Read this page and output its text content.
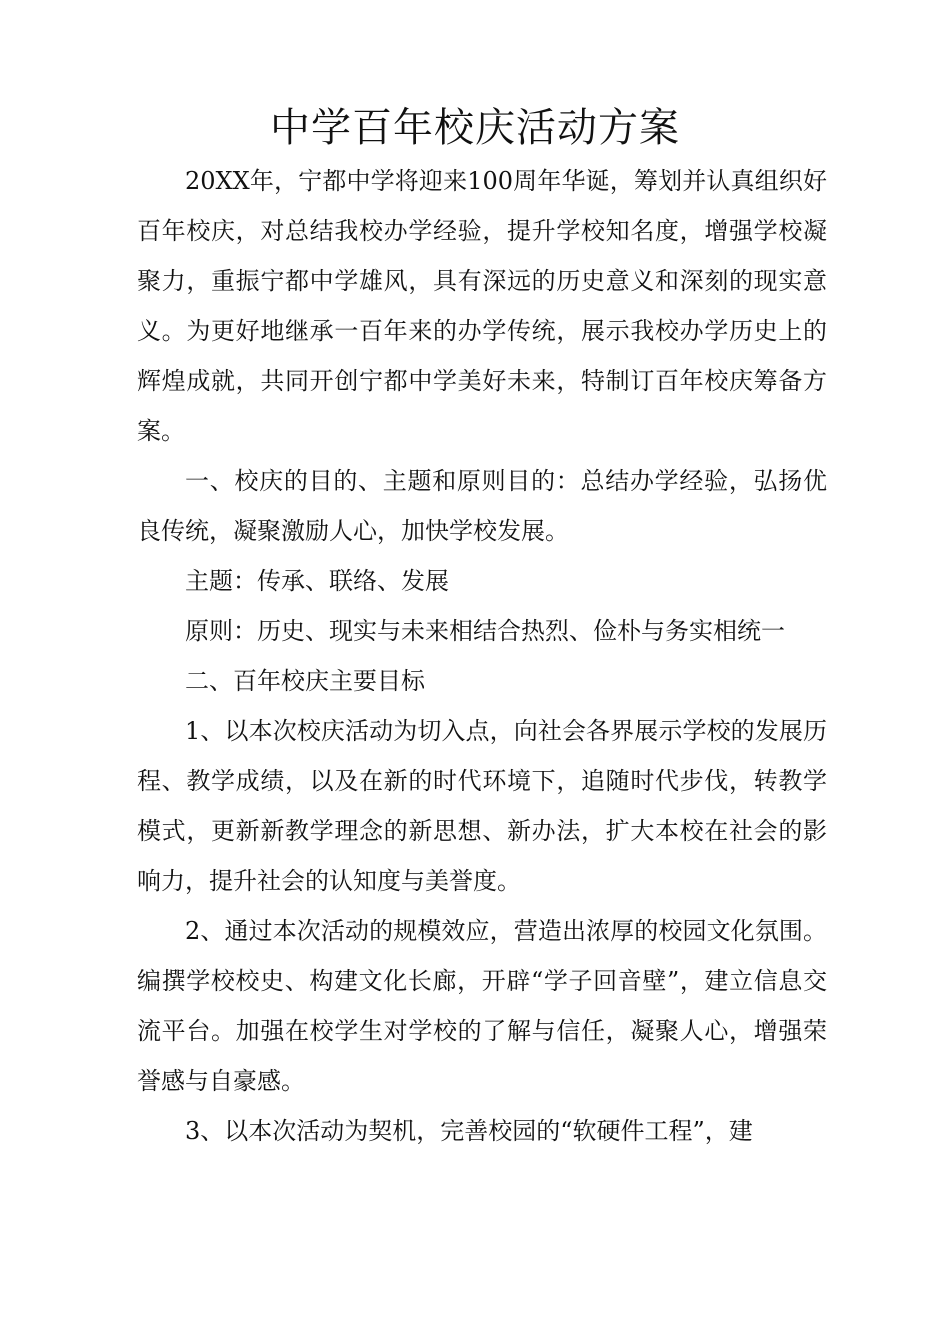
中学百年校庆活动方案

20XX年，宁都中学将迎来100周年华诞，筹划并认真组织好百年校庆，对总结我校办学经验，提升学校知名度，增强学校凝聚力，重振宁都中学雄风，具有深远的历史意义和深刻的现实意义。为更好地继承一百年来的办学传统，展示我校办学历史上的辉煌成就，共同开创宁都中学美好未来，特制订百年校庆筹备方案。

一、校庆的目的、主题和原则目的：总结办学经验，弘扬优良传统，凝聚激励人心，加快学校发展。

主题：传承、联络、发展

原则：历史、现实与未来相结合热烈、俭朴与务实相统一

二、百年校庆主要目标

1、以本次校庆活动为切入点，向社会各界展示学校的发展历程、教学成绩，以及在新的时代环境下，追随时代步伐，转教学模式，更新新教学理念的新思想、新办法，扩大本校在社会的影响力，提升社会的认知度与美誉度。

2、通过本次活动的规模效应，营造出浓厚的校园文化氛围。编撰学校校史、构建文化长廊，开辟“学子回音壁”，建立信息交流平台。加强在校学生对学校的了解与信任，凝聚人心，增强荣誉感与自豪感。

3、以本次活动为契机，完善校园的“软硬件工程”，建
